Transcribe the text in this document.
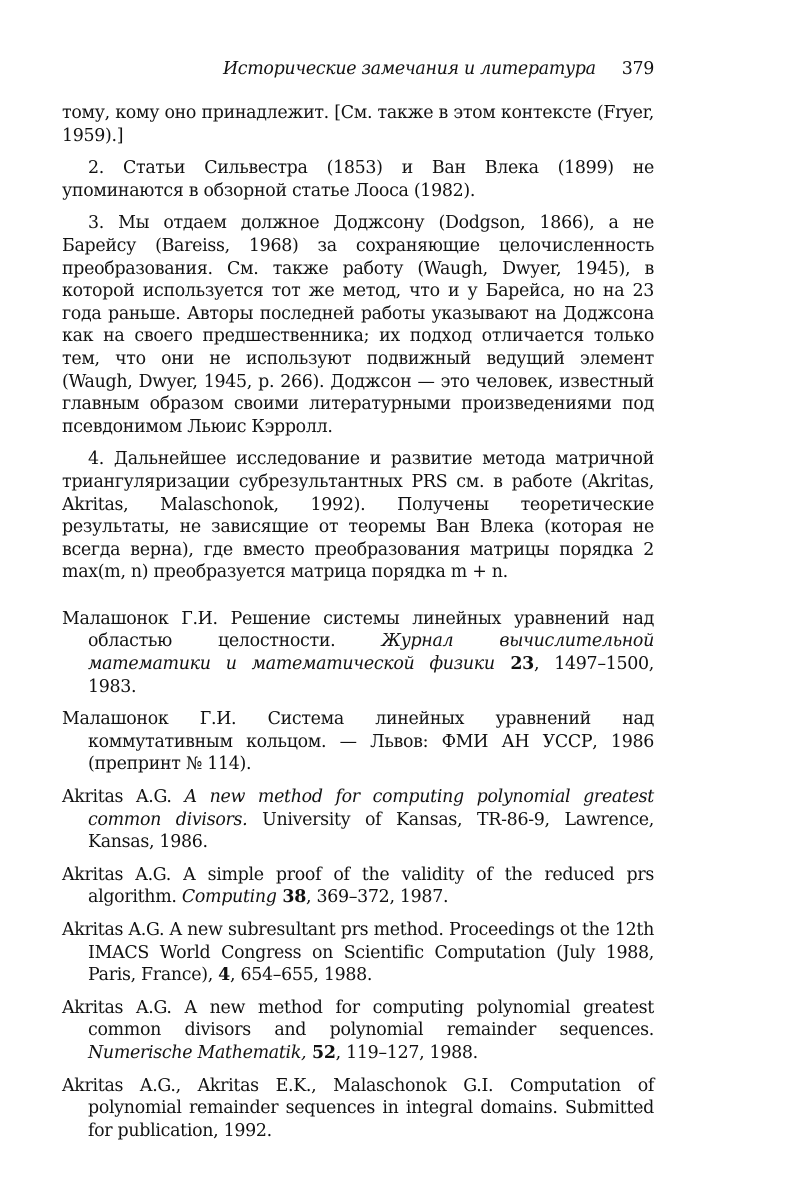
Исторические замечания и литература 379

тому, кому оно принадлежит. [См. также в этом контексте (Fryer, 1959).]

2. Статьи Сильвестра (1853) и Ван Влека (1899) не упоминаются в обзорной статье Лооса (1982).

3. Мы отдаем должное Доджсону (Dodgson, 1866), а не Барейсу (Bareiss, 1968) за сохраняющие целочисленность преобразования. См. также работу (Waugh, Dwyer, 1945), в которой используется тот же метод, что и у Барейса, но на 23 года раньше. Авторы последней работы указывают на Доджсона как на своего предшественника; их подход отличается только тем, что они не используют подвижный ведущий элемент (Waugh, Dwyer, 1945, p. 266). Доджсон — это человек, известный главным образом своими литературными произведениями под псевдонимом Льюис Кэрролл.

4. Дальнейшее исследование и развитие метода матричной триангуляризации субрезультантных PRS см. в работе (Akritas, Akritas, Malaschonok, 1992). Получены теоретические результаты, не зависящие от теоремы Ван Влека (которая не всегда верна), где вместо преобразования матрицы порядка 2 max(m, n) преобразуется матрица порядка m + n.

Малашонок Г.И. Решение системы линейных уравнений над областью целостности. Журнал вычислительной математики и математической физики 23, 1497–1500, 1983.

Малашонок Г.И. Система линейных уравнений над коммутативным кольцом. — Львов: ФМИ АН УССР, 1986 (препринт № 114).

Akritas A.G. A new method for computing polynomial greatest common divisors. University of Kansas, TR-86-9, Lawrence, Kansas, 1986.

Akritas A.G. A simple proof of the validity of the reduced prs algorithm. Computing 38, 369–372, 1987.

Akritas A.G. A new subresultant prs method. Proceedings ot the 12th IMACS World Congress on Scientific Computation (July 1988, Paris, France), 4, 654–655, 1988.

Akritas A.G. A new method for computing polynomial greatest common divisors and polynomial remainder sequences. Numerische Mathematik, 52, 119–127, 1988.

Akritas A.G., Akritas E.K., Malaschonok G.I. Computation of polynomial remainder sequences in integral domains. Submitted for publication, 1992.
